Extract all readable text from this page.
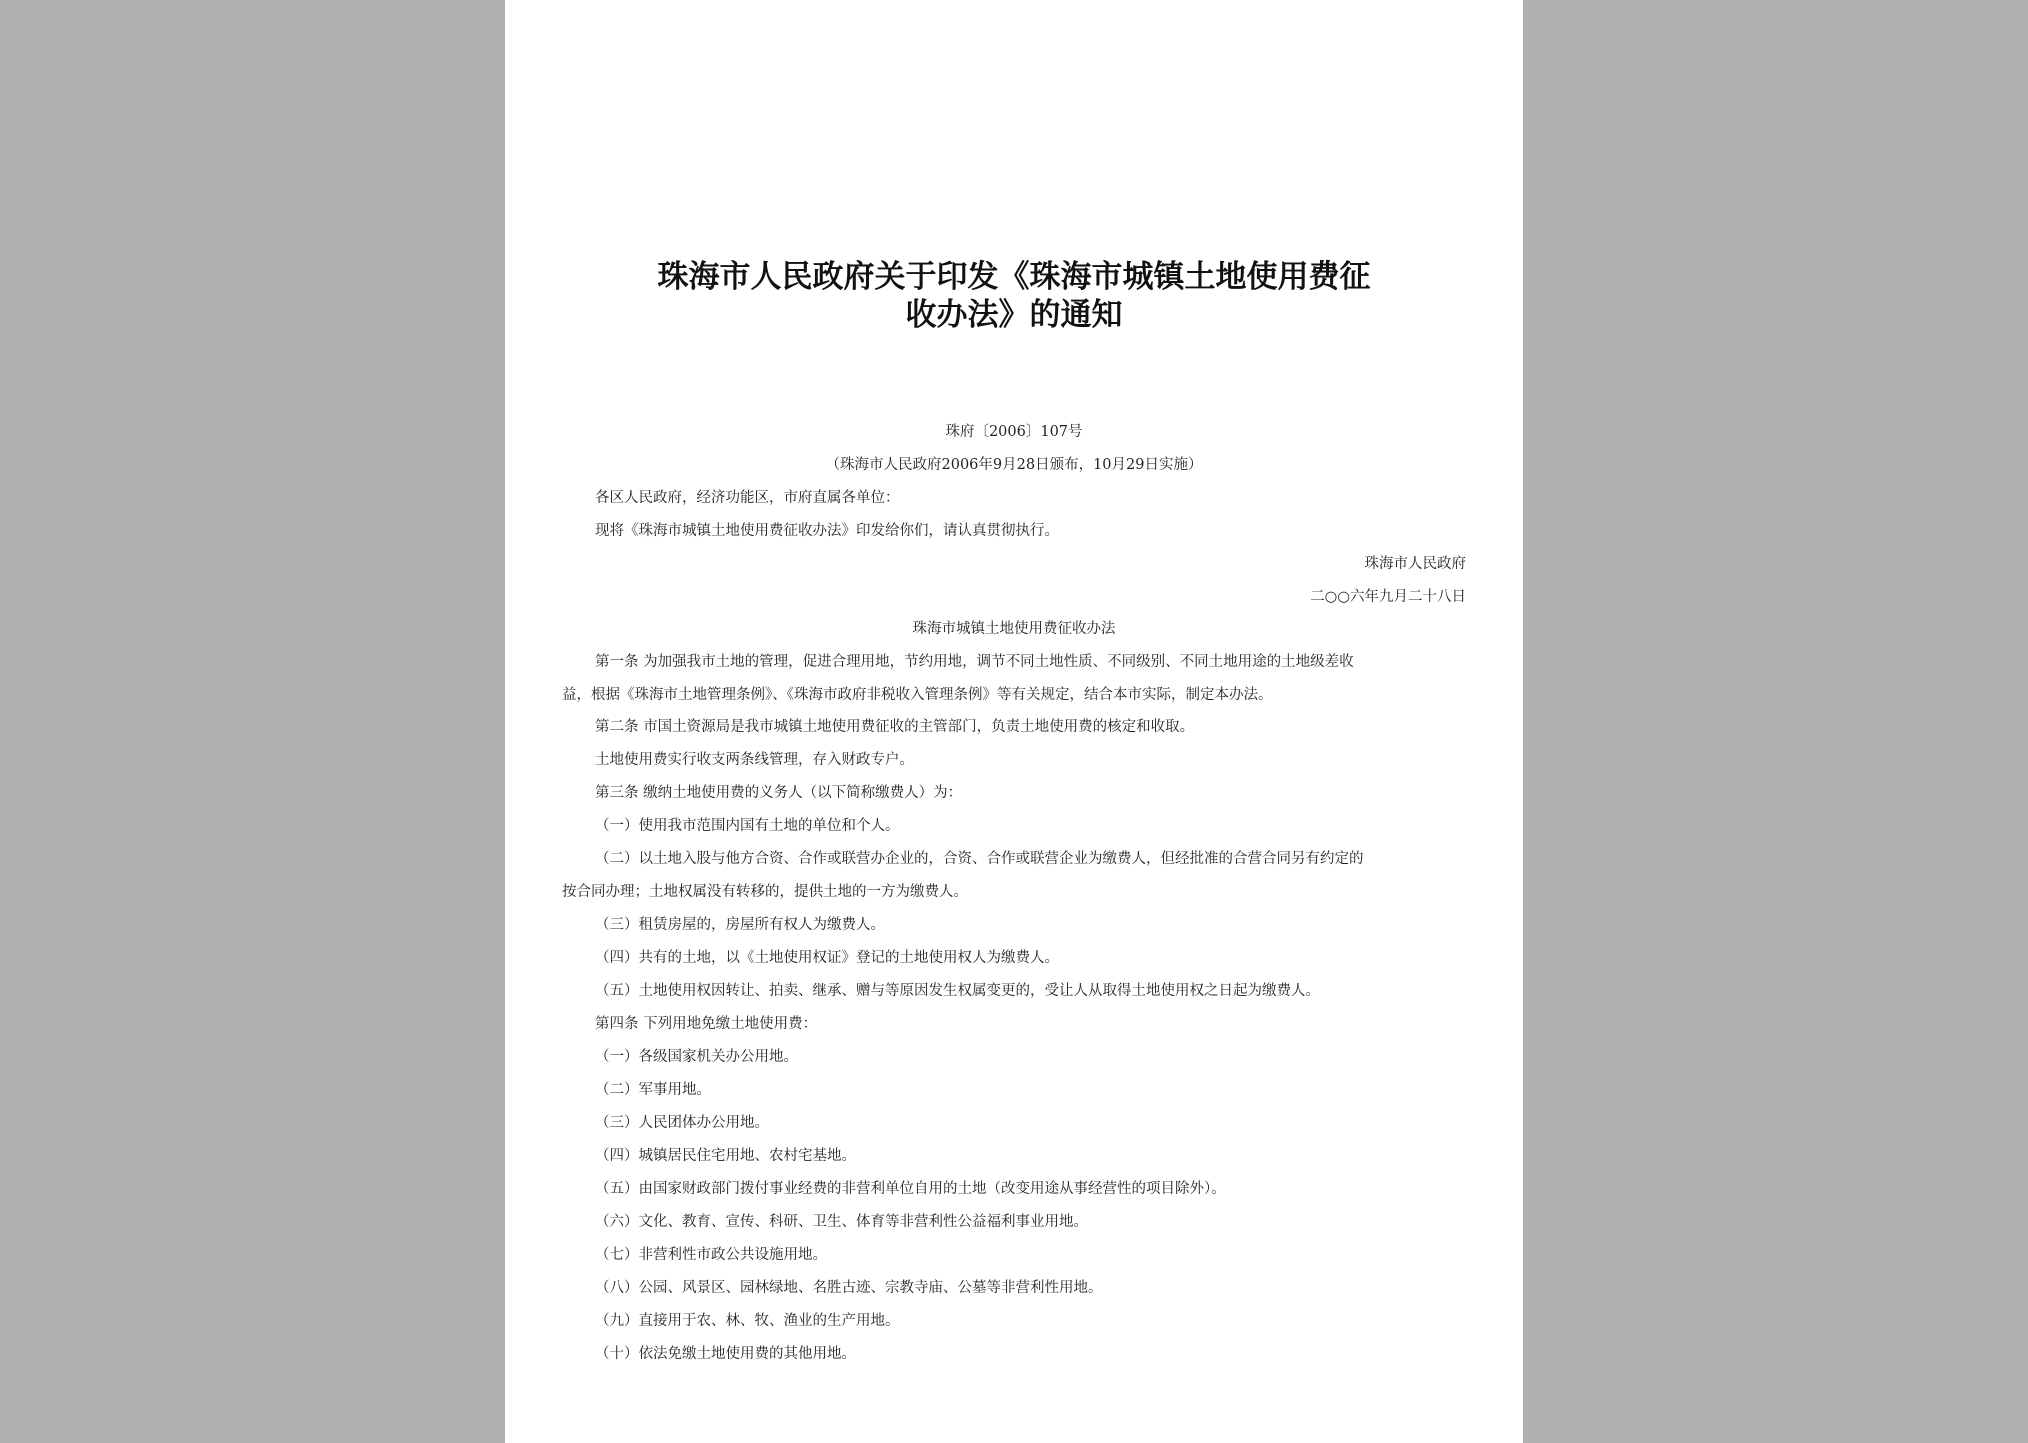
珠海市人民政府关于印发《珠海市城镇土地使用费征
收办法》的通知
珠府〔2006〕107号
（珠海市人民政府2006年9月28日颁布，10月29日实施）
各区人民政府，经济功能区，市府直属各单位：
现将《珠海市城镇土地使用费征收办法》印发给你们，请认真贯彻执行。
珠海市人民政府
二○○六年九月二十八日
珠海市城镇土地使用费征收办法
第一条 为加强我市土地的管理，促进合理用地，节约用地，调节不同土地性质、不同级别、不同土地用途的土地级差收
益，根据《珠海市土地管理条例》、《珠海市政府非税收入管理条例》等有关规定，结合本市实际，制定本办法。
第二条 市国土资源局是我市城镇土地使用费征收的主管部门，负责土地使用费的核定和收取。
土地使用费实行收支两条线管理，存入财政专户。
第三条 缴纳土地使用费的义务人（以下简称缴费人）为：
（一）使用我市范围内国有土地的单位和个人。
（二）以土地入股与他方合资、合作或联营办企业的，合资、合作或联营企业为缴费人，但经批准的合营合同另有约定的
按合同办理；土地权属没有转移的，提供土地的一方为缴费人。
（三）租赁房屋的，房屋所有权人为缴费人。
（四）共有的土地，以《土地使用权证》登记的土地使用权人为缴费人。
（五）土地使用权因转让、拍卖、继承、赠与等原因发生权属变更的，受让人从取得土地使用权之日起为缴费人。
第四条 下列用地免缴土地使用费：
（一）各级国家机关办公用地。
（二）军事用地。
（三）人民团体办公用地。
（四）城镇居民住宅用地、农村宅基地。
（五）由国家财政部门拨付事业经费的非营利单位自用的土地（改变用途从事经营性的项目除外）。
（六）文化、教育、宣传、科研、卫生、体育等非营利性公益福利事业用地。
（七）非营利性市政公共设施用地。
（八）公园、风景区、园林绿地、名胜古迹、宗教寺庙、公墓等非营利性用地。
（九）直接用于农、林、牧、渔业的生产用地。
（十）依法免缴土地使用费的其他用地。
